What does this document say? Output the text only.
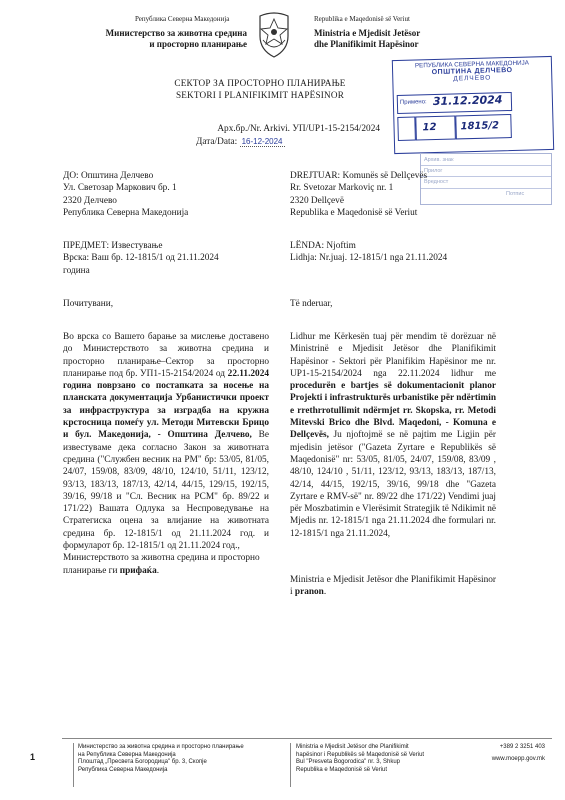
Република Северна Македонија
Министерство за животна средина
и просторно планирање
Republika e Maqedonisë së Veriut
Ministria e Mjedisit Jetësor
dhe Planifikimit Hapësinor
РЕПУБЛИКА СЕВЕРНА МАКЕДОНИЈА
ОПШТИНА ДЕЛЧЕВО
ДЕЛЧЕВО
Примено: 31.12.2024
12 1815/2
Архив. знак
Прилог
Вредност
Потпис
СЕКТОР ЗА ПРОСТОРНО ПЛАНИРАЊЕ
SEKTORI I PLANIFIKIMIT HAPËSINOR
Арх.бр./Nr. Arkivi. УП/UP1-15-2154/2024
Дата/Data: 16-12-2024
ДО: Општина Делчево
Ул. Светозар Маркович бр. 1
2320 Делчево
Република Северна Македонија
DREJTUAR: Komunës së Dellçevës
Rr. Svetozar Markoviç nr. 1
2320 Dellçevë
Republika e Maqedonisë së Veriut
ПРЕДМЕТ: Известување
Врска: Ваш бр. 12-1815/1 од 21.11.2024
година
LËNDA: Njoftim
Lidhja: Nr.juaj. 12-1815/1 nga 21.11.2024
Почитувани,	Të nderuar,
Во врска со Вашето барање за мислење доставено до Министерството за животна средина и просторно планирање–Сектор за просторно планирање под бр. УП1-15-2154/2024 од 22.11.2024 година поврзано со постапката за носење на планската документација Урбанистички проект за инфраструктура за изградба на кружна крстосница помеѓу ул. Методи Митевски Брицо и бул. Македонија, - Општина Делчево, Ве известуваме дека согласно Закон за животната средина ("Службен весник на РМ" бр: 53/05, 81/05, 24/07, 159/08, 83/09, 48/10, 124/10, 51/11, 123/12, 93/13, 183/13, 187/13, 42/14, 44/15, 129/15, 192/15, 39/16, 99/18 и "Сл. Весник на РСМ" бр. 89/22 и 171/22) Вашата Одлука за Неспроведување на Стратегиска оцена за влијание на животната средина бр. 12-1815/1 од 21.11.2024 год. и формуларот бр. 12-1815/1 од 21.11.2024 год.,
Министерството за животна средина и просторно планирање ги прифаќа.
Lidhur me Kërkesën tuaj për mendim të dorëzuar në Ministrinë e Mjedisit Jetësor dhe Planifikimit Hapësinor - Sektori për Planifikim Hapësinor me nr. UP1-15-2154/2024 nga 22.11.2024 lidhur me procedurën e bartjes së dokumentacionit planor Projekti i infrastrukturës urbanistike për ndërtimin e rrethrrotullimit ndërmjet rr. Skopska, rr. Metodi Mitevski Brico dhe Blvd. Maqedoni, - Komuna e Dellçevës, Ju njoftojmë se në pajtim me Ligjin për mjedisin jetësor ("Gazeta Zyrtare e Republikës së Maqedonisë" nr: 53/05, 81/05, 24/07, 159/08, 83/09 , 48/10, 124/10 , 51/11, 123/12, 93/13, 183/13, 187/13, 42/14, 44/15, 192/15, 39/16, 99/18 dhe "Gazeta Zyrtare e RMV-së" nr. 89/22 dhe 171/22) Vendimi juaj për Moszbatimin e Vlerësimit Strategjik të Ndikimit në Mjedis nr. 12-1815/1 nga 21.11.2024 dhe formulari nr. 12-1815/1 nga 21.11.2024,
Ministria e Mjedisit Jetësor dhe Planifikimit Hapësinor i pranon.
1
Министерство за животна средина и просторно планирање
на Република Северна Македонија
Плоштад „Пресвета Богородица" бр. 3, Скопје
Република Северна Македонија
Ministria e Mjedisit Jetësor dhe Planifikimit
hapësinor i Republikës së Maqedonisë së Veriut
Bul "Presveta Bogorodica" nr. 3, Shkup
Republika e Maqedonisë së Veriut
+389 2 3251 403
www.moepp.gov.mk
